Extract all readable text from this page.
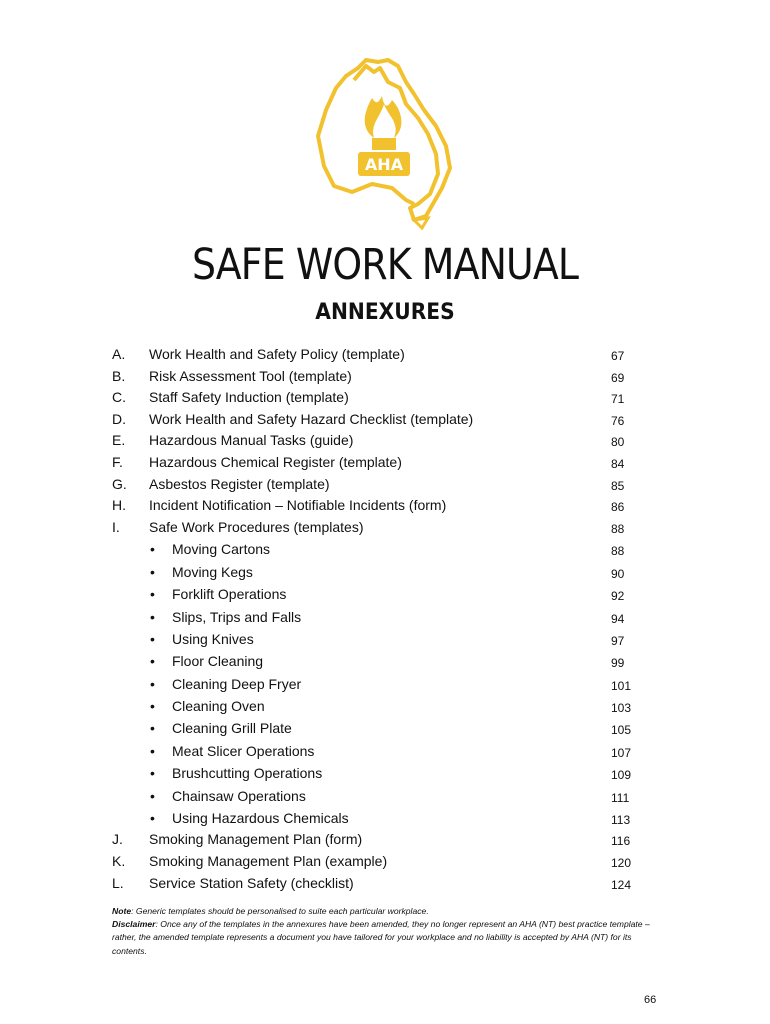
AHA
SAFE WORK MANUAL
ANNEXURES
A. Work Health and Safety Policy (template)	67
B. Risk Assessment Tool (template)	69
C. Staff Safety Induction (template)	71
D. Work Health and Safety Hazard Checklist (template)	76
E. Hazardous Manual Tasks (guide)	80
F. Hazardous Chemical Register (template)	84
G. Asbestos Register (template)	85
H. Incident Notification – Notifiable Incidents (form)	86
I. Safe Work Procedures (templates)	88
• Moving Cartons	88
• Moving Kegs	90
• Forklift Operations	92
• Slips, Trips and Falls	94
• Using Knives	97
• Floor Cleaning	99
• Cleaning Deep Fryer	101
• Cleaning Oven	103
• Cleaning Grill Plate	105
• Meat Slicer Operations	107
• Brushcutting Operations	109
• Chainsaw Operations	111
• Using Hazardous Chemicals	113
J. Smoking Management Plan (form)	116
K. Smoking Management Plan (example)	120
L. Service Station Safety (checklist)	124
Note: Generic templates should be personalised to suite each particular workplace.
Disclaimer: Once any of the templates in the annexures have been amended, they no longer represent an AHA (NT) best practice template – rather, the amended template represents a document you have tailored for your workplace and no liability is accepted by AHA (NT) for its contents.
66
